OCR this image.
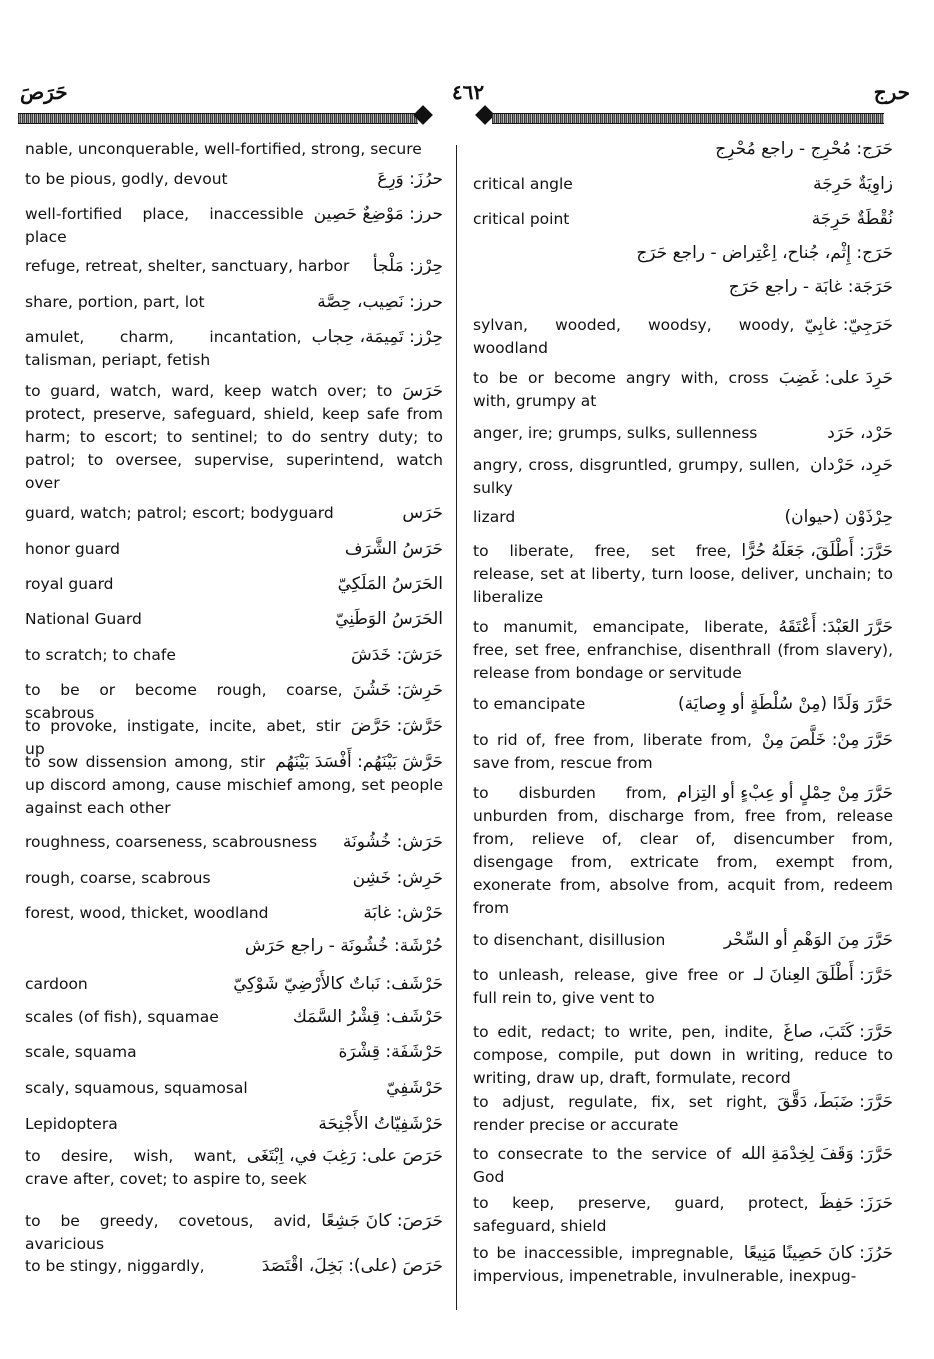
حَرَصَ	٤٦٢	حرج
nable, unconquerable, well-fortified, strong, secure
حرُزَ: وَرِعَ
to be pious, godly, devout
حرز: مَوْضِعٌ حَصِين
well-fortified place, inaccessible place
حِرْز: مَلْجأ
refuge, retreat, shelter, sanctuary, harbor
حرز: نَصِيب، حِصَّة
share, portion, part, lot
حِرْز: تَمِيمَة، حِجاب
amulet, charm, incantation, talisman, periapt, fetish
حَرَسَ
to guard, watch, ward, keep watch over; to protect, preserve, safeguard, shield, keep safe from harm; to escort; to sentinel; to do sentry duty; to patrol; to oversee, supervise, superintend, watch over
حَرَس
guard, watch; patrol; escort; bodyguard
حَرَسُ الشَّرَف
honor guard
الحَرَسُ المَلَكِيّ
royal guard
الحَرَسُ الوَطَنِيّ
National Guard
حَرَشَ: خَدَشَ
to scratch; to chafe
حَرِشَ: خَشُنَ
to be or become rough, coarse, scabrous
حَرَّشَ: حَرَّضَ
to provoke, instigate, incite, abet, stir up
حَرَّشَ بَيْنَهُم: أَفْسَدَ بَيْنَهُم
to sow dissension among, stir up discord among, cause mischief among, set people against each other
حَرَش: خُشُونَة
roughness, coarseness, scabrousness
حَرِش: خَشِن
rough, coarse, scabrous
حَرْش: غابَة
forest, wood, thicket, woodland
حُرْشَة: خُشُونَة - راجع حَرَش
حَرْشَف: نَباتٌ كالأَرْضِيّ شَوْكِيّ
cardoon
حَرْشَف: قِشْرُ السَّمَك
scales (of fish), squamae
حَرْشَفَة: قِشْرَة
scale, squama
حَرْشَفِيّ
scaly, squamous, squamosal
حَرْشَفِيّاتُ الأَجْنِحَة
Lepidoptera
حَرَصَ على: رَغِبَ في، اِبْتَغَى
to desire, wish, want, crave after, covet; to aspire to, seek
حَرَصَ: كانَ جَشِعًا
to be greedy, covetous, avid, avaricious
حَرَصَ (على): بَخِلَ، اقْتَصَدَ
to be stingy, niggardly,
حَرَج: مُحْرِج - راجع مُحْرِج
زاوِيَةٌ حَرِجَة
critical angle
نُقْطَةٌ حَرِجَة
critical point
حَرَج: إِثْم، جُناح، اِعْتِراض - راجع حَرَج
حَرَجَة: غابَة - راجع حَرَج
حَرَجِيّ: غابِيّ
sylvan, wooded, woodsy, woody, woodland
حَرِدَ على: غَضِبَ
to be or become angry with, cross with, grumpy at
حَرْد، حَرَد
anger, ire; grumps, sulks, sullenness
حَرِد، حَرْدان
angry, cross, disgruntled, grumpy, sullen, sulky
حِرْذَوْن (حيوان)
lizard
حَرَّرَ: أَطْلَقَ، جَعَلَهُ حُرًّا
to liberate, free, set free, release, set at liberty, turn loose, deliver, unchain; to liberalize
حَرَّرَ العَبْدَ: أَعْتَقَهُ
to manumit, emancipate, liberate, free, set free, enfranchise, disenthrall (from slavery), release from bondage or servitude
حَرَّرَ وَلَدًا (مِنْ سُلْطَةٍ أو وِصايَة)
to emancipate
حَرَّرَ مِنْ: خَلَّصَ مِنْ
to rid of, free from, liberate from, save from, rescue from
حَرَّرَ مِنْ حِمْلٍ أو عِبْءٍ أو التِزام
to disburden from, unburden from, discharge from, free from, release from, relieve of, clear of, disencumber from, disengage from, extricate from, exempt from, exonerate from, absolve from, acquit from, redeem from
حَرَّرَ مِنَ الوَهْمِ أو السِّحْر
to disenchant, disillusion
حَرَّرَ: أَطْلَقَ العِنانَ لـ
to unleash, release, give free or full rein to, give vent to
حَرَّرَ: كَتَبَ، صاغَ
to edit, redact; to write, pen, indite, compose, compile, put down in writing, reduce to writing, draw up, draft, formulate, record
حَرَّرَ: ضَبَطَ، دَقَّقَ
to adjust, regulate, fix, set right, render precise or accurate
حَرَّرَ: وَقَفَ لِخِدْمَةِ الله
to consecrate to the service of God
حَرَزَ: حَفِظَ
to keep, preserve, guard, protect, safeguard, shield
حَرُزَ: كانَ حَصِينًا مَنِيعًا
to be inaccessible, impregnable, impervious, impenetrable, invulnerable, inexpug-
